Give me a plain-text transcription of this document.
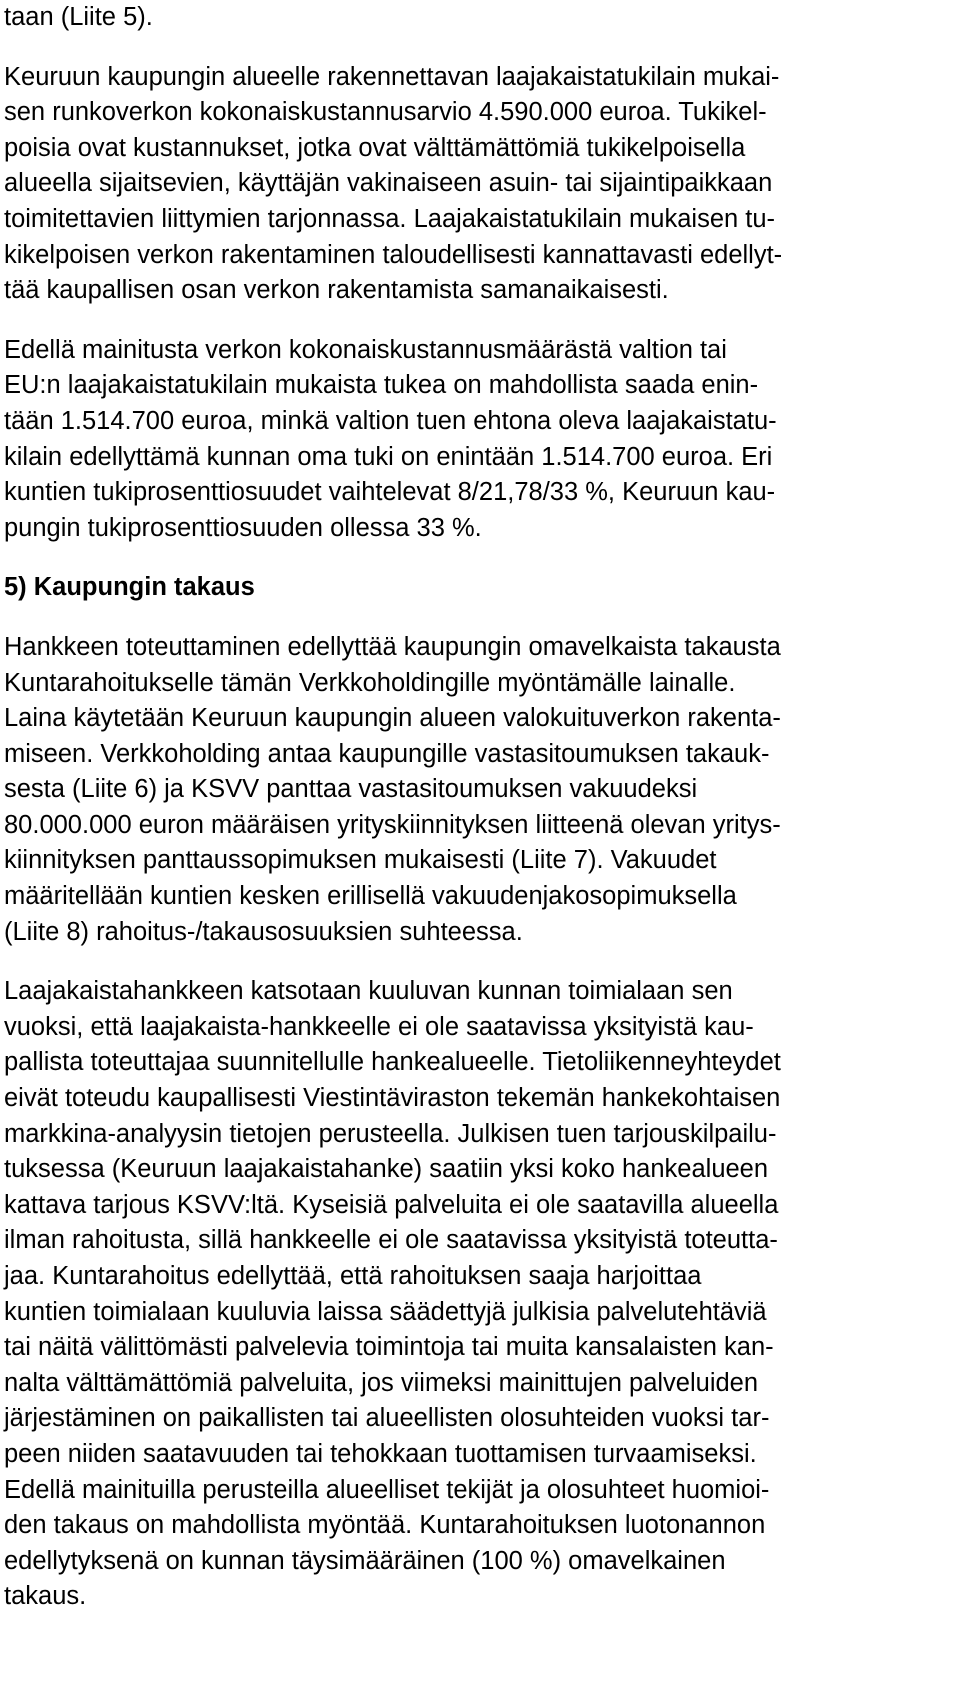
taan (Liite 5).
Keuruun kaupungin alueelle rakennettavan laajakaistatukilain mukai-
sen runkoverkon kokonaiskustannusarvio 4.590.000 euroa. Tukikel-
poisia ovat kustannukset, jotka ovat välttämättömiä tukikelpoisella
alueella sijaitsevien, käyttäjän vakinaiseen asuin- tai sijaintipaikkaan
toimitettavien liittymien tarjonnassa. Laajakaistatukilain mukaisen tu-
kikelpoisen verkon rakentaminen taloudellisesti kannattavasti edellyt-
tää kaupallisen osan verkon rakentamista samanaikaisesti.
Edellä mainitusta verkon kokonaiskustannusmäärästä valtion tai
EU:n laajakaistatukilain mukaista tukea on mahdollista saada enin-
tään 1.514.700 euroa, minkä valtion tuen ehtona oleva laajakaistatu-
kilain edellyttämä kunnan oma tuki on enintään 1.514.700 euroa. Eri
kuntien tukiprosenttiosuudet vaihtelevat 8/21,78/33 %, Keuruun kau-
pungin tukiprosenttiosuuden ollessa 33 %.
5) Kaupungin takaus
Hankkeen toteuttaminen edellyttää kaupungin omavelkaista takausta
Kuntarahoitukselle tämän Verkkoholdingille myöntämälle lainalle.
Laina käytetään Keuruun kaupungin alueen valokuituverkon rakenta-
miseen. Verkkoholding antaa kaupungille vastasitoumuksen takauk-
sesta (Liite 6) ja KSVV panttaa vastasitoumuksen vakuudeksi
80.000.000 euron määräisen yrityskiinnityksen liitteenä olevan yritys-
kiinnityksen panttaussopimuksen mukaisesti (Liite 7). Vakuudet
määritellään kuntien kesken erillisellä vakuudenjakosopimuksella
(Liite 8) rahoitus-/takausosuuksien suhteessa.
Laajakaistahankkeen katsotaan kuuluvan kunnan toimialaan sen
vuoksi, että laajakaista-hankkeelle ei ole saatavissa yksityistä kau-
pallista toteuttajaa suunnitellulle hankealueelle. Tietoliikenneyhteydet
eivät toteudu kaupallisesti Viestintäviraston tekemän hankekohtaisen
markkina-analyysin tietojen perusteella. Julkisen tuen tarjouskilpailu-
tuksessa (Keuruun laajakaistahanke) saatiin yksi koko hankealueen
kattava tarjous KSVV:ltä. Kyseisiä palveluita ei ole saatavilla alueella
ilman rahoitusta, sillä hankkeelle ei ole saatavissa yksityistä toteutta-
jaa. Kuntarahoitus edellyttää, että rahoituksen saaja harjoittaa
kuntien toimialaan kuuluvia laissa säädettyjä julkisia palvelutehtäviä
tai näitä välittömästi palvelevia toimintoja tai muita kansalaisten kan-
nalta välttämättömiä palveluita, jos viimeksi mainittujen palveluiden
järjestäminen on paikallisten tai alueellisten olosuhteiden vuoksi tar-
peen niiden saatavuuden tai tehokkaan tuottamisen turvaamiseksi.
Edellä mainituilla perusteilla alueelliset tekijät ja olosuhteet huomioi-
den takaus on mahdollista myöntää. Kuntarahoituksen luotonannon
edellytyksenä on kunnan täysimääräinen (100 %) omavelkainen
takaus.
